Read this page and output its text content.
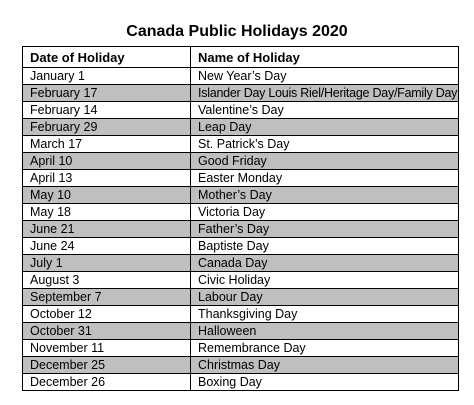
Canada Public Holidays 2020
Date of Holiday	Name of Holiday
January 1	New Year’s Day
February 17	Islander Day Louis Riel/Heritage Day/Family Day
February 14	Valentine’s Day
February 29	Leap Day
March 17	St. Patrick’s Day
April 10	Good Friday
April 13	Easter Monday
May 10	Mother’s Day
May 18	Victoria Day
June 21	Father’s Day
June 24	Baptiste Day
July 1	Canada Day
August 3	Civic Holiday
September 7	Labour Day
October 12	Thanksgiving Day
October 31	Halloween
November 11	Remembrance Day
December 25	Christmas Day
December 26	Boxing Day
